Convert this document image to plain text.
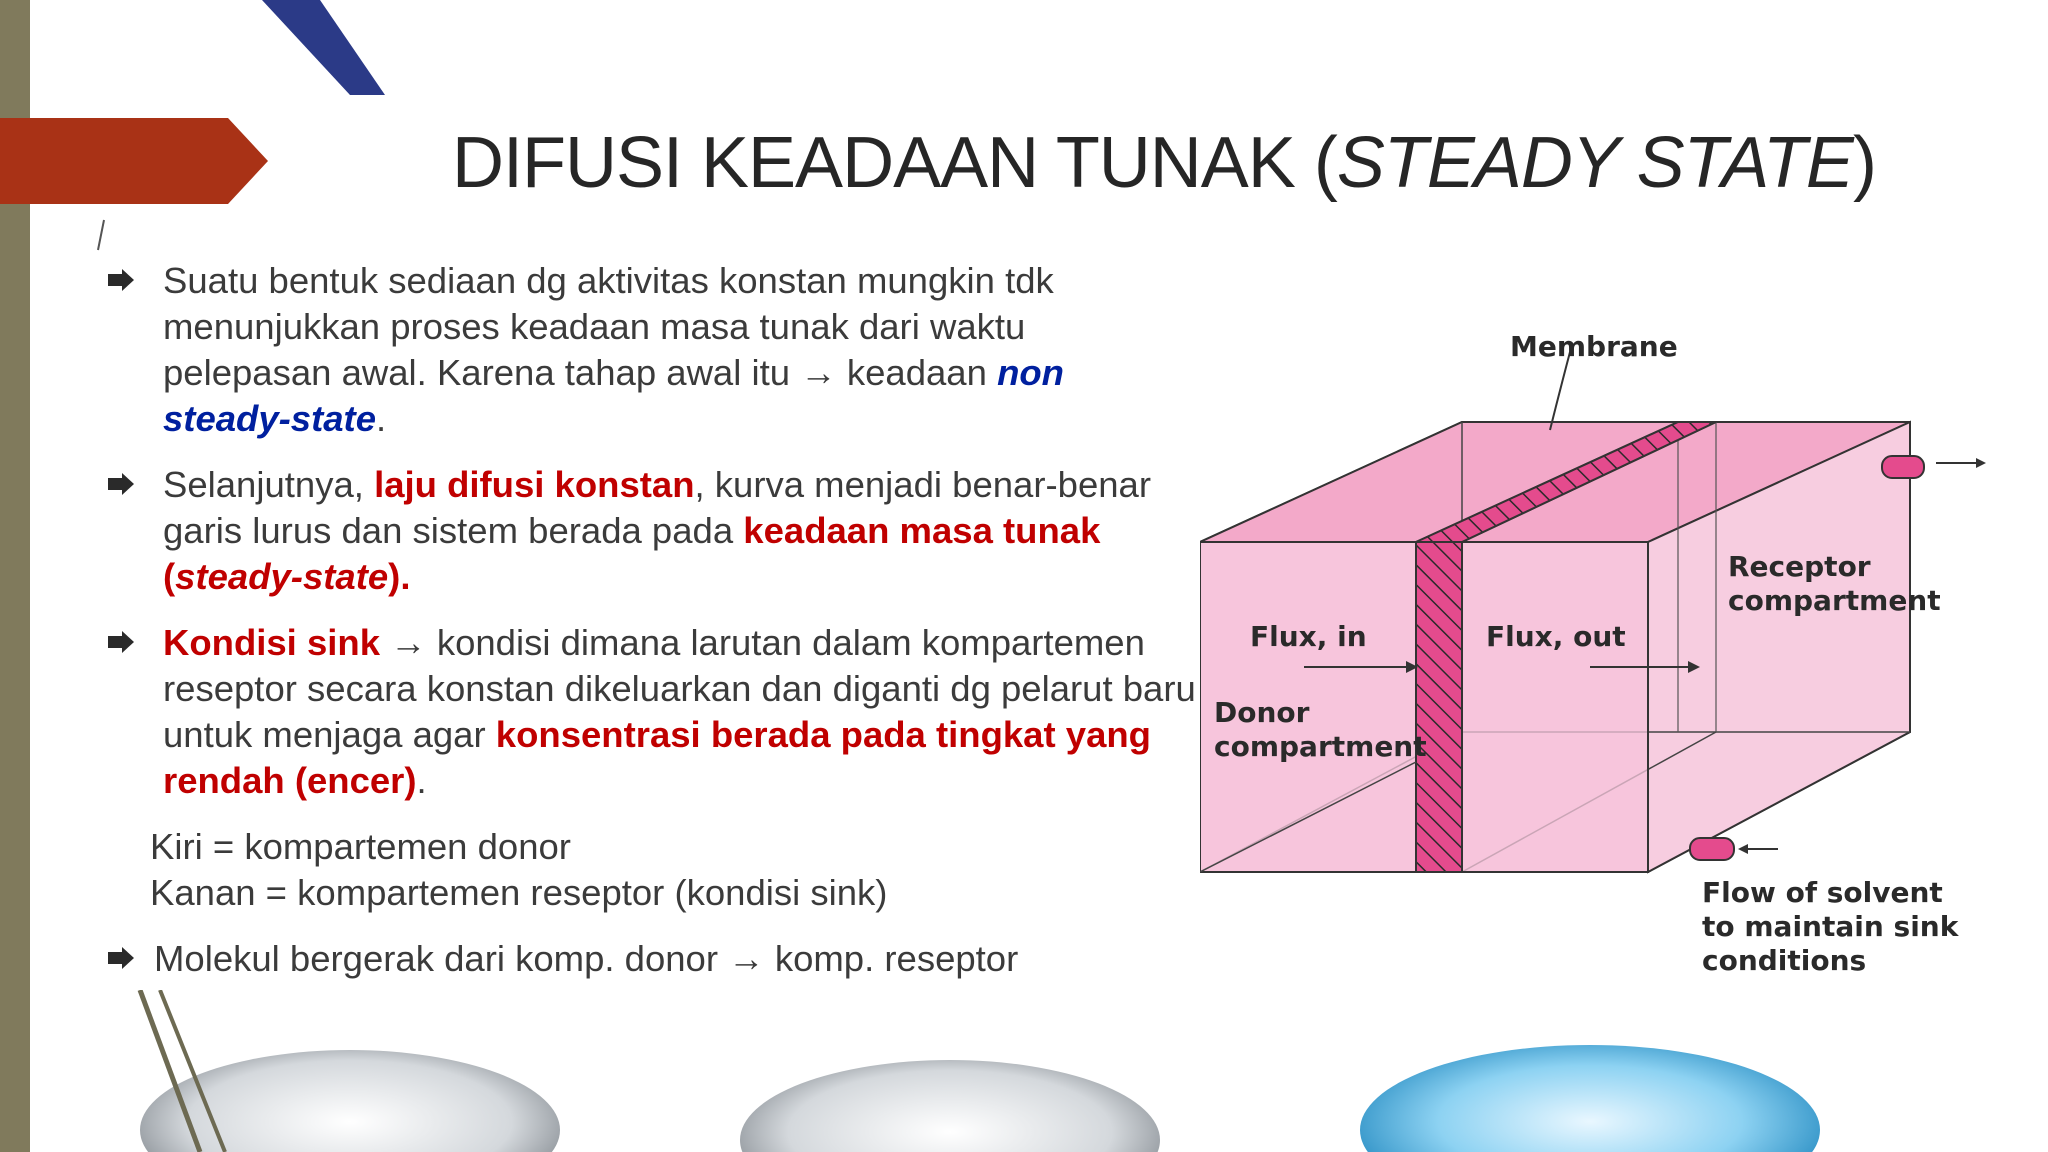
DIFUSI KEADAAN TUNAK (STEADY STATE)
Suatu bentuk sediaan dg aktivitas konstan mungkin tdk menunjukkan proses keadaan masa tunak dari waktu pelepasan awal. Karena tahap awal itu → keadaan non steady-state.
Selanjutnya, laju difusi konstan, kurva menjadi benar-benar garis lurus dan sistem berada pada keadaan masa tunak (steady-state).
Kondisi sink → kondisi dimana larutan dalam kompartemen reseptor secara konstan dikeluarkan dan diganti dg pelarut baru untuk menjaga agar konsentrasi berada pada tingkat yang rendah (encer).
Kiri = kompartemen donor
Kanan = kompartemen reseptor (kondisi sink)
Molekul bergerak dari komp. donor → komp. reseptor
Membrane
Flux, in	Flux, out
Donor
compartment
Receptor
compartment
Flow of solvent
to maintain sink
conditions
